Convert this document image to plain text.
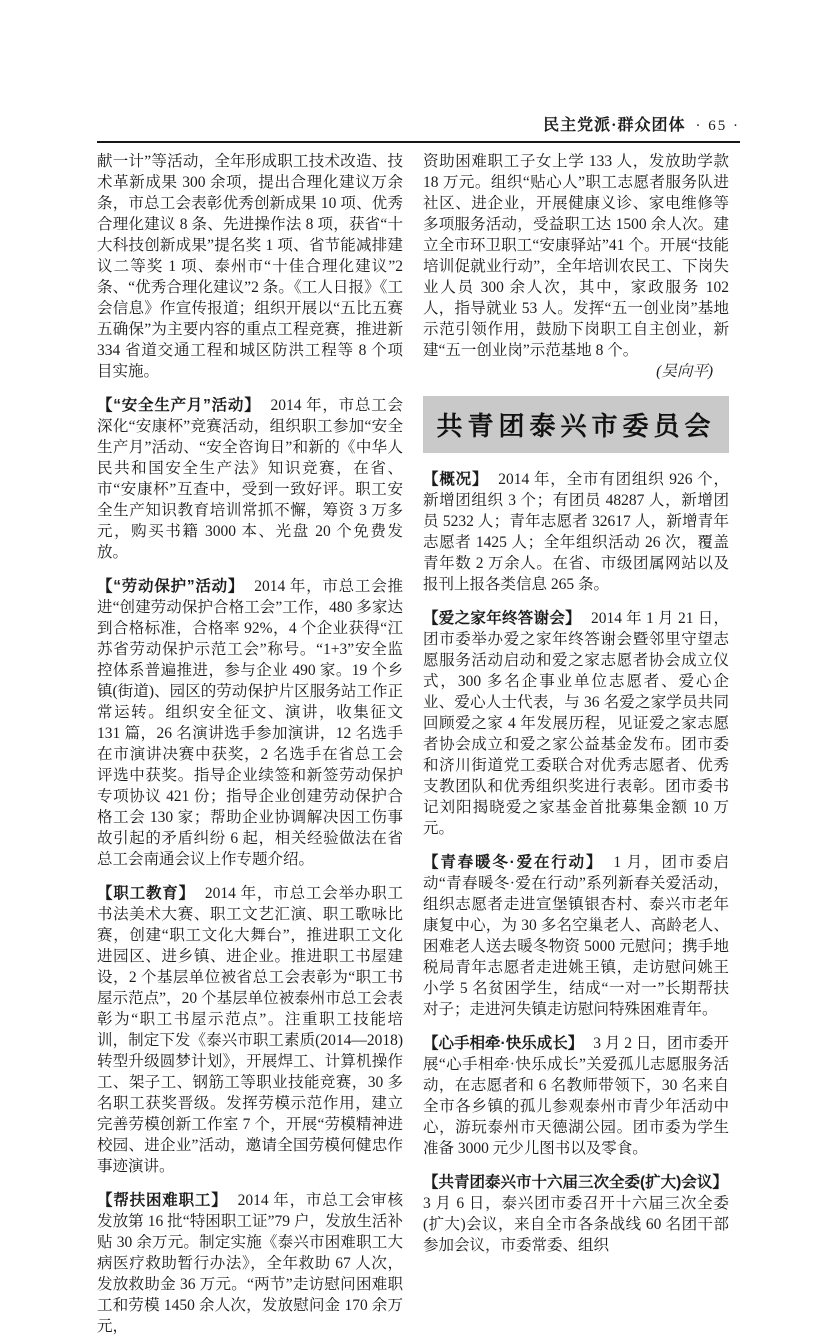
民主党派·群众团体 · 65 ·

献一计”等活动，全年形成职工技术改造、技术革新成果 300 余项，提出合理化建议万余条，市总工会表彰优秀创新成果 10 项、优秀合理化建议 8 条、先进操作法 8 项，获省“十大科技创新成果”提名奖 1 项、省节能减排建议二等奖 1 项、泰州市“十佳合理化建议”2 条、“优秀合理化建议”2 条。《工人日报》《工会信息》作宣传报道；组织开展以“五比五赛五确保”为主要内容的重点工程竞赛，推进新 334 省道交通工程和城区防洪工程等 8 个项目实施。

【“安全生产月”活动】 2014 年，市总工会深化“安康杯”竞赛活动，组织职工参加“安全生产月”活动、“安全咨询日”和新的《中华人民共和国安全生产法》知识竞赛，在省、市“安康杯”互查中，受到一致好评。职工安全生产知识教育培训常抓不懈，筹资 3 万多元，购买书籍 3000 本、光盘 20 个免费发放。

【“劳动保护”活动】 2014 年，市总工会推进“创建劳动保护合格工会”工作，480 多家达到合格标准，合格率 92%，4 个企业获得“江苏省劳动保护示范工会”称号。“1+3”安全监控体系普遍推进，参与企业 490 家。19 个乡镇(街道)、园区的劳动保护片区服务站工作正常运转。组织安全征文、演讲，收集征文 131 篇，26 名演讲选手参加演讲，12 名选手在市演讲决赛中获奖，2 名选手在省总工会评选中获奖。指导企业续签和新签劳动保护专项协议 421 份；指导企业创建劳动保护合格工会 130 家；帮助企业协调解决因工伤事故引起的矛盾纠纷 6 起，相关经验做法在省总工会南通会议上作专题介绍。

【职工教育】 2014 年，市总工会举办职工书法美术大赛、职工文艺汇演、职工歌咏比赛，创建“职工文化大舞台”，推进职工文化进园区、进乡镇、进企业。推进职工书屋建设，2 个基层单位被省总工会表彰为“职工书屋示范点”，20 个基层单位被泰州市总工会表彰为“职工书屋示范点”。注重职工技能培训，制定下发《泰兴市职工素质(2014—2018)转型升级圆梦计划》，开展焊工、计算机操作工、架子工、钢筋工等职业技能竞赛，30 多名职工获奖晋级。发挥劳模示范作用，建立完善劳模创新工作室 7 个，开展“劳模精神进校园、进企业”活动，邀请全国劳模何健忠作事迹演讲。

【帮扶困难职工】 2014 年，市总工会审核发放第 16 批“特困职工证”79 户，发放生活补贴 30 余万元。制定实施《泰兴市困难职工大病医疗救助暂行办法》，全年救助 67 人次，发放救助金 36 万元。“两节”走访慰问困难职工和劳模 1450 余人次，发放慰问金 170 余万元，

资助困难职工子女上学 133 人，发放助学款 18 万元。组织“贴心人”职工志愿者服务队进社区、进企业，开展健康义诊、家电维修等多项服务活动，受益职工达 1500 余人次。建立全市环卫职工“安康驿站”41 个。开展“技能培训促就业行动”，全年培训农民工、下岗失业人员 300 余人次，其中，家政服务 102 人，指导就业 53 人。发挥“五一创业岗”基地示范引领作用，鼓励下岗职工自主创业，新建“五一创业岗”示范基地 8 个。

(吴向平)

共青团泰兴市委员会

【概况】 2014 年，全市有团组织 926 个，新增团组织 3 个；有团员 48287 人，新增团员 5232 人；青年志愿者 32617 人，新增青年志愿者 1425 人；全年组织活动 26 次，覆盖青年数 2 万余人。在省、市级团属网站以及报刊上报各类信息 265 条。

【爱之家年终答谢会】 2014 年 1 月 21 日，团市委举办爱之家年终答谢会暨邻里守望志愿服务活动启动和爱之家志愿者协会成立仪式，300 多名企事业单位志愿者、爱心企业、爱心人士代表，与 36 名爱之家学员共同回顾爱之家 4 年发展历程，见证爱之家志愿者协会成立和爱之家公益基金发布。团市委和济川街道党工委联合对优秀志愿者、优秀支教团队和优秀组织奖进行表彰。团市委书记刘阳揭晓爱之家基金首批募集金额 10 万元。

【青春暖冬·爱在行动】 1 月，团市委启动“青春暖冬·爱在行动”系列新春关爱活动，组织志愿者走进宣堡镇银杏村、泰兴市老年康复中心，为 30 多名空巢老人、高龄老人、困难老人送去暖冬物资 5000 元慰问；携手地税局青年志愿者走进姚王镇，走访慰问姚王小学 5 名贫困学生，结成“一对一”长期帮扶对子；走进河失镇走访慰问特殊困难青年。

【心手相牵·快乐成长】 3 月 2 日，团市委开展“心手相牵·快乐成长”关爱孤儿志愿服务活动，在志愿者和 6 名教师带领下，30 名来自全市各乡镇的孤儿参观泰州市青少年活动中心，游玩泰州市天德湖公园。团市委为学生准备 3000 元少儿图书以及零食。

【共青团泰兴市十六届三次全委(扩大)会议】3 月 6 日，泰兴团市委召开十六届三次全委(扩大)会议，来自全市各条战线 60 名团干部参加会议，市委常委、组织
